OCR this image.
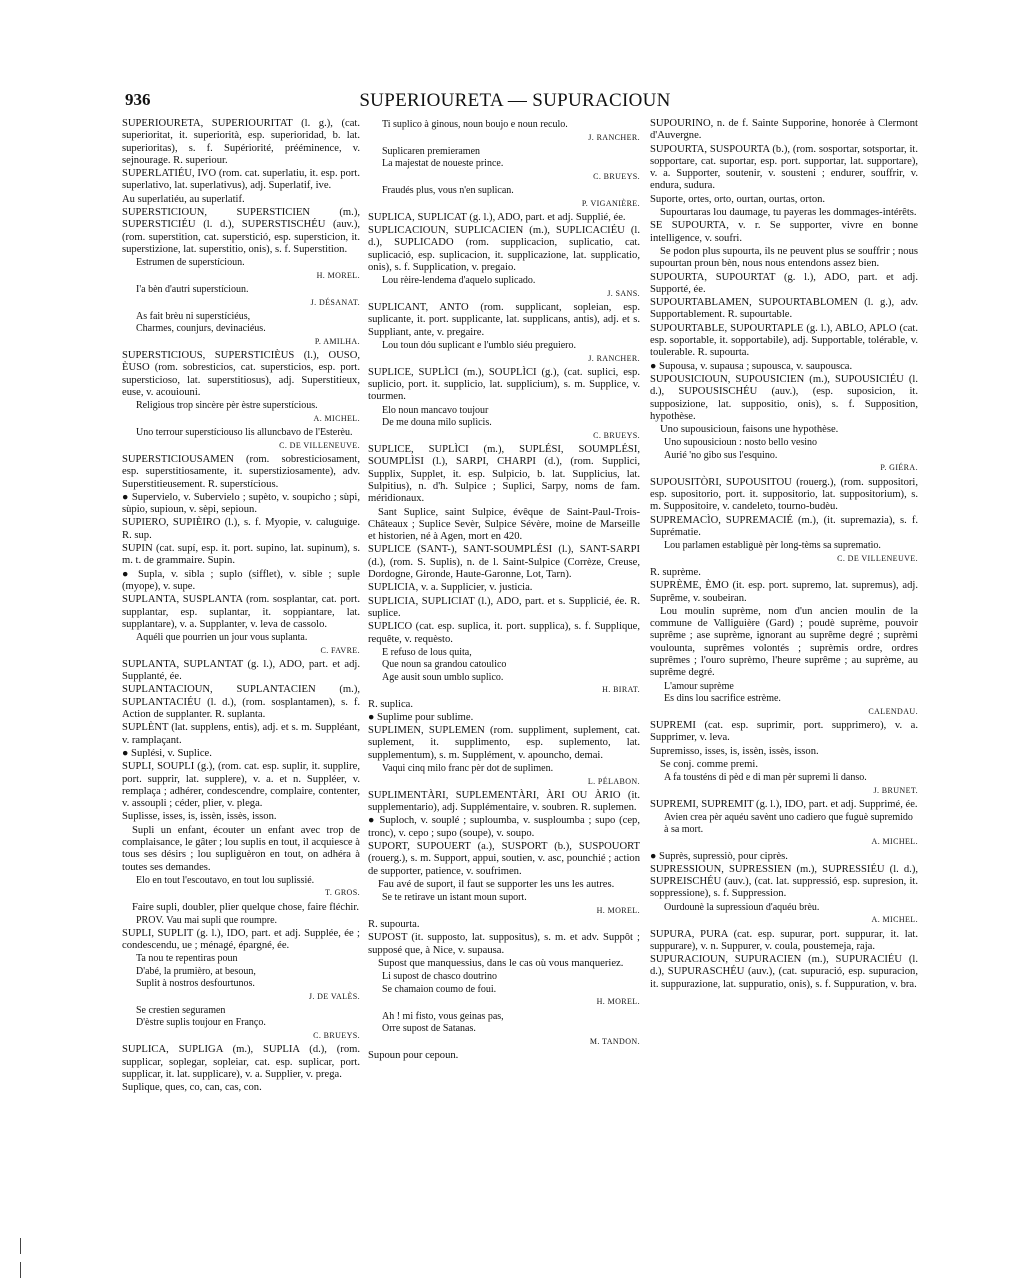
936	SUPERIOURETA — SUPURACIOUN

SUPERIOURETA, SUPERIOURITAT (l. g.), (cat. superioritat, it. superiorità, esp. superioridad, b. lat. superioritas), s. f. Supériorité, prééminence, v. sejnourage. R. superiour.

SUPERLATIÉU, IVO (rom. cat. superlatiu, it. esp. port. superlativo, lat. superlativus), adj. Superlatif, ive.

Au superlatiéu, au superlatif.

SUPERSTICIOUN, SUPERSTICIEN (m.), SUPERSTICIÉU (l. d.), SUPERSTISCHÉU (auv.), (rom. superstition, cat. superstició, esp. supersticion, it. superstizione, lat. superstitio, onis), s. f. Superstition.

Estrumen de superstícioun.

H. MOREL.

I'a bèn d'autri superstícioun.

J. DÉSANAT.

As fait brèu ni superstíciéus,

Charmes, counjurs, devinaciéus.

P. AMILHA.

SUPERSTICIOUS, SUPERSTICIÈUS (l.), OUSO, ÈUSO (rom. sobresticios, cat. supersticios, esp. port. supersticioso, lat. superstitiosus), adj. Superstitieux, euse, v. acouiouni.

Religious trop sincère pèr èstre superstícious.

A. MICHEL.

Uno terrour superstíciouso lis alluncbavo de l'Esterèu.

C. DE VILLENEUVE.

SUPERSTICIOUSAMEN (rom. sobresticiosament, esp. superstitiosamente, it. superstiziosamente), adv. Superstitieusement. R. superstícious.

● Supervielo, v. Subervielo ; supèto, v. soupicho ; sùpi, sùpio, supioun, v. sèpi, sepioun.

SUPIERO, SUPIÈIRO (l.), s. f. Myopie, v. caluguige. R. sup.

SUPIN (cat. supí, esp. it. port. supino, lat. supinum), s. m. t. de grammaire. Supin.

● Supla, v. sibla ; suplo (sifflet), v. sible ; suple (myope), v. supe.

SUPLANTA, SUSPLANTA (rom. sosplantar, cat. port. supplantar, esp. suplantar, it. soppiantare, lat. supplantare), v. a. Supplanter, v. leva de cassolo.

Aquéli que pourrien un jour vous suplanta.

C. FAVRE.

SUPLANTA, SUPLANTAT (g. l.), ADO, part. et adj. Supplanté, ée.

SUPLANTACIOUN, SUPLANTACIEN (m.), SUPLANTACIÉU (l. d.), (rom. sosplantamen), s. f. Action de supplanter. R. suplanta.

SUPLÈNT (lat. supplens, entis), adj. et s. m. Suppléant, v. ramplaçant.

● Suplési, v. Suplice.

SUPLI, SOUPLI (g.), (rom. cat. esp. suplir, it. supplire, port. supprir, lat. supplere), v. a. et n. Suppléer, v. remplaça ; adhérer, condescendre, complaire, contenter, v. assoupli ; céder, plier, v. plega.

Suplisse, isses, is, issèn, issès, isson.

Supli un enfant, écouter un enfant avec trop de complaisance, le gâter ; lou suplis en tout, il acquiesce à tous ses désirs ; lou supliguèron en tout, on adhéra à toutes ses demandes.

Elo en tout l'escoutavo, en tout lou suplissié.

T. GROS.

Faire supli, doubler, plier quelque chose, faire fléchir.

PROV. Vau mai supli que roumpre.

SUPLI, SUPLIT (g. l.), IDO, part. et adj. Supplée, ée ; condescendu, ue ; ménagé, épargné, ée.

Ta nou te repentiras poun

D'abé, la prumièro, at besoun,

Suplit à nostros desfourtunos.

J. DE VALÈS.

Se crestien seguramen

D'èstre suplis toujour en Franço.

C. BRUEYS.

SUPLICA, SUPLIGA (m.), SUPLIA (d.), (rom. supplicar, soplegar, sopleiar, cat. esp. suplicar, port. supplicar, it. lat. supplicare), v. a. Supplier, v. prega.

Suplique, ques, co, can, cas, con.

Ti suplico à ginous, noun boujo e noun reculo.

J. RANCHER.

Suplicaren premieramen

La majestat de noueste prince.

C. BRUEYS.

Fraudés plus, vous n'en suplican.

P. VIGANIÈRE.

SUPLICA, SUPLICAT (g. l.), ADO, part. et adj. Supplié, ée.

SUPLICACIOUN, SUPLICACIEN (m.), SUPLICACIÉU (l. d.), SUPLICADO (rom. supplicacion, suplicatio, cat. suplicació, esp. suplicacion, it. supplicazione, lat. supplicatio, onis), s. f. Supplication, v. pregaio.

Lou rèire-lendema d'aquelo suplicado.

J. SANS.

SUPLICANT, ANTO (rom. supplicant, sopleian, esp. suplicante, it. port. supplicante, lat. supplicans, antis), adj. et s. Suppliant, ante, v. pregaire.

Lou toun dóu suplicant e l'umblo siéu preguiero.

J. RANCHER.

SUPLICE, SUPLÌCI (m.), SOUPLÌCI (g.), (cat. suplici, esp. suplicio, port. it. supplicio, lat. supplicium), s. m. Supplice, v. tourmen.

Elo noun mancavo toujour

De me douna milo suplìcis.

C. BRUEYS.

SUPLICE, SUPLÌCI (m.), SUPLÉSI, SOUMPLÉSI, SOUMPLÌSI (l.), SARPI, CHARPI (d.), (rom. Supplici, Supplix, Supplet, it. esp. Sulpicio, b. lat. Supplicius, lat. Sulpitius), n. d'h. Sulpice ; Suplici, Sarpy, noms de fam. méridionaux.

Sant Suplice, saint Sulpice, évêque de Saint-Paul-Trois-Châteaux ; Suplice Sevèr, Sulpice Sévère, moine de Marseille et historien, né à Agen, mort en 420.

SUPLICE (SANT-), SANT-SOUMPLÉSI (l.), SANT-SARPI (d.), (rom. S. Suplis), n. de l. Saint-Sulpice (Corrèze, Creuse, Dordogne, Gironde, Haute-Garonne, Lot, Tarn).

SUPLICIA, v. a. Supplicier, v. justicia.

SUPLICIA, SUPLICIAT (l.), ADO, part. et s. Supplicié, ée. R. suplice.

SUPLICO (cat. esp. suplica, it. port. supplica), s. f. Supplique, requête, v. requèsto.

E refuso de lous quita,

Que noun sa grandou catoulico

Age ausit soun umblo suplico.

H. BIRAT.

R. suplica.

● Suplime pour sublime.

SUPLIMEN, SUPLEMEN (rom. suppliment, suplement, cat. suplement, it. supplimento, esp. suplemento, lat. supplementum), s. m. Supplément, v. apouncho, demai.

Vaqui cinq milo franc pèr dot de suplimen.

L. PÉLABON.

SUPLIMENTÀRI, SUPLEMENTÀRI, ÀRI OU ÀRIO (it. supplementario), adj. Supplémentaire, v. soubren. R. suplemen.

● Suploch, v. souplé ; suploumba, v. susploumba ; supo (cep, tronc), v. cepo ; supo (soupe), v. soupo.

SUPORT, SUPOUERT (a.), SUSPORT (b.), SUSPOUORT (rouerg.), s. m. Support, appui, soutien, v. asc, pounchié ; action de supporter, patience, v. soufrimen.

Fau avé de suport, il faut se supporter les uns les autres.

Se te retirave un istant moun suport.

H. MOREL.

R. supourta.

SUPOST (it. supposto, lat. suppositus), s. m. et adv. Suppôt ; supposé que, à Nice, v. supausa.

Supost que manquessius, dans le cas où vous manqueriez.

Li supost de chasco doutrino

Se chamaion coumo de foui.

H. MOREL.

Ah ! mi fisto, vous geinas pas,

Orre supost de Satanas.

M. TANDON.

Supoun pour cepoun.

SUPOURINO, n. de f. Sainte Supporine, honorée à Clermont d'Auvergne.

SUPOURTA, SUSPOURTA (b.), (rom. sosportar, sotsportar, it. sopportare, cat. suportar, esp. port. supportar, lat. supportare), v. a. Supporter, soutenir, v. sousteni ; endurer, souffrir, v. endura, sudura.

Suporte, ortes, orto, ourtan, ourtas, orton.

Supourtaras lou daumage, tu payeras les dommages-intérêts.

SE SUPOURTA, v. r. Se supporter, vivre en bonne intelligence, v. soufri.

Se podon plus supourta, ils ne peuvent plus se souffrir ; nous supourtan proun bèn, nous nous entendons assez bien.

SUPOURTA, SUPOURTAT (g. l.), ADO, part. et adj. Supporté, ée.

SUPOURTABLAMEN, SUPOURTABLOMEN (l. g.), adv. Supportablement. R. supourtable.

SUPOURTABLE, SUPOURTAPLE (g. l.), ABLO, APLO (cat. esp. soportable, it. sopportabile), adj. Supportable, tolérable, v. toulerable. R. supourta.

● Supousa, v. supausa ; supousca, v. saupousca.

SUPOUSICIOUN, SUPOUSICIEN (m.), SUPOUSICIÉU (l. d.), SUPOUSISCHÉU (auv.), (esp. suposicion, it. supposizione, lat. suppositio, onis), s. f. Supposition, hypothèse.

Uno supousicioun, faisons une hypothèse.

Uno supousicioun : nosto bello vesino

Aurié 'no gibo sus l'esquino.

P. GIÉRA.

SUPOUSITÒRI, SUPOUSITOU (rouerg.), (rom. suppositori, esp. supositorio, port. it. suppositorio, lat. suppositorium), s. m. Suppositoire, v. candeleto, tourno-budèu.

SUPREMACÌO, SUPREMACIÉ (m.), (it. supremazia), s. f. Suprématie.

Lou parlamen establiguè pèr long-tèms sa suprematìo.

C. DE VILLENEUVE.

R. suprème.

SUPRÈME, ÈMO (it. esp. port. supremo, lat. supremus), adj. Suprême, v. soubeiran.

Lou moulin suprème, nom d'un ancien moulin de la commune de Valliguière (Gard) ; poudè suprème, pouvoir suprême ; ase suprème, ignorant au suprême degré ; suprèmi voulounta, suprêmes volontés ; suprèmis ordre, ordres suprêmes ; l'ouro suprèmo, l'heure suprême ; au suprème, au suprême degré.

L'amour suprème

Es dins lou sacrifice estrème.

CALENDAU.

SUPREMI (cat. esp. suprimir, port. supprimero), v. a. Supprimer, v. leva.

Supremisso, isses, is, issèn, issès, isson.

Se conj. comme premi.

A fa tousténs di pèd e di man pèr supremi li danso.

J. BRUNET.

SUPREMI, SUPREMIT (g. l.), IDO, part. et adj. Supprimé, ée.

Avien crea pèr aquéu savènt uno cadiero que fuguè supremido à sa mort.

A. MICHEL.

● Suprès, supressiò, pour ciprès.

SUPRESSIOUN, SUPRESSIEN (m.), SUPRESSIÉU (l. d.), SUPREISCHÉU (auv.), (cat. lat. suppressió, esp. supresion, it. soppressione), s. f. Suppression.

Ourdounè la supressioun d'aquéu brèu.

A. MICHEL.

SUPURA, PURA (cat. esp. supurar, port. suppurar, it. lat. suppurare), v. n. Suppurer, v. coula, poustemeja, raja.

SUPURACIOUN, SUPURACIEN (m.), SUPURACIÉU (l. d.), SUPURASCHÉU (auv.), (cat. supuració, esp. supuracion, it. suppurazione, lat. suppuratio, onis), s. f. Suppuration, v. bra.
